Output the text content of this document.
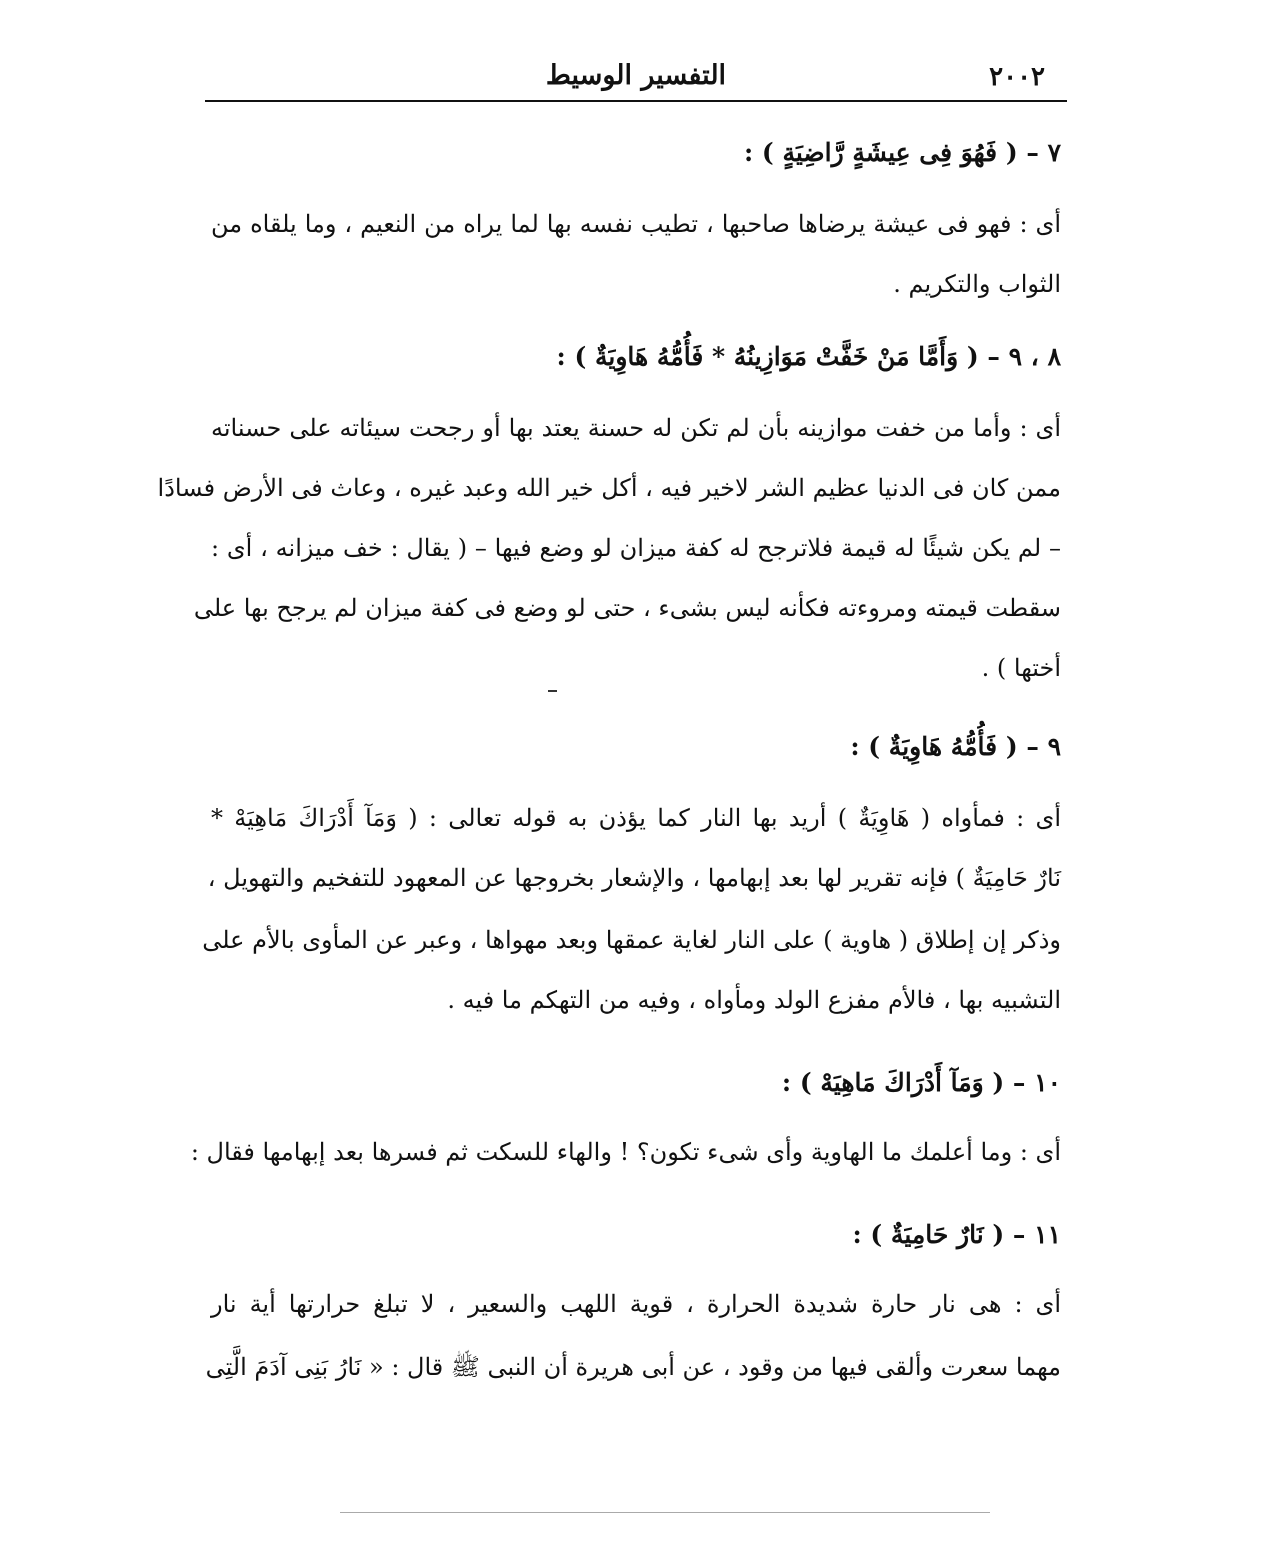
٢٠٠٢
التفسير الوسيط
٧ – ( فَهُوَ فِى عِيشَةٍ رَّاضِيَةٍ ) :
أى : فهو فى عيشة يرضاها صاحبها ، تطيب نفسه بها لما يراه من النعيم ، وما يلقاه من
الثواب والتكريم .
٨ ، ٩ – ( وَأَمَّا مَنْ خَفَّتْ مَوَازِينُهُ * فَأُمُّهُ هَاوِيَةٌ ) :
أى : وأما من خفت موازينه بأن لم تكن له حسنة يعتد بها أو رجحت سيئاته على حسناته
ممن كان فى الدنيا عظيم الشر لاخير فيه ، أكل خير الله وعبد غيره ، وعاث فى الأرض فسادًا
– لم يكن شيئًا له قيمة فلاترجح له كفة ميزان لو وضع فيها – ( يقال : خف ميزانه ، أى :
سقطت قيمته ومروءته فكأنه ليس بشىء ، حتى لو وضع فى كفة ميزان لم يرجح بها على
أختها ) .
٩ – ( فَأُمُّهُ هَاوِيَةٌ ) :
أى : فمأواه ( هَاوِيَةٌ ) أريد بها النار كما يؤذن به قوله تعالى : ( وَمَآ أَدْرَاكَ مَاهِيَهْ *
نَارٌ حَامِيَةٌ ) فإنه تقرير لها بعد إبهامها ، والإشعار بخروجها عن المعهود للتفخيم والتهويل ،
وذكر إن إطلاق ( هاوية ) على النار لغاية عمقها وبعد مهواها ، وعبر عن المأوى بالأم على
التشبيه بها ، فالأم مفزع الولد ومأواه ، وفيه من التهكم ما فيه .
١٠ – ( وَمَآ أَدْرَاكَ مَاهِيَهْ ) :
أى : وما أعلمك ما الهاوية وأى شىء تكون؟ ! والهاء للسكت ثم فسرها بعد إبهامها فقال :
١١ – ( نَارٌ حَامِيَةٌ ) :
أى : هى نار حارة شديدة الحرارة ، قوية اللهب والسعير ، لا تبلغ حرارتها أية نار
مهما سعرت وألقى فيها من وقود ، عن أبى هريرة أن النبى ﷺ قال : « نَارُ بَنِى آدَمَ الَّتِى
